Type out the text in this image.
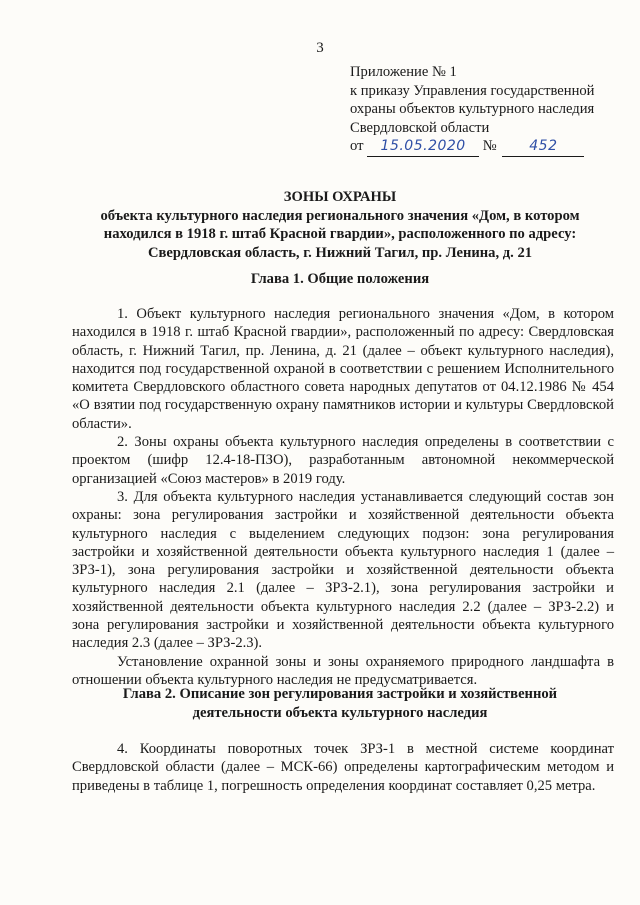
3
Приложение № 1
к приказу Управления государственной
охраны объектов культурного наследия
Свердловской области
от 15.05.2020 № 452
ЗОНЫ ОХРАНЫ
объекта культурного наследия регионального значения «Дом, в котором
находился в 1918 г. штаб Красной гвардии», расположенного по адресу:
Свердловская область, г. Нижний Тагил, пр. Ленина, д. 21
Глава 1. Общие положения

1. Объект культурного наследия регионального значения «Дом, в котором находился в 1918 г. штаб Красной гвардии», расположенный по адресу: Свердловская область, г. Нижний Тагил, пр. Ленина, д. 21 (далее – объект культурного наследия), находится под государственной охраной в соответствии с решением Исполнительного комитета Свердловского областного совета народных депутатов от 04.12.1986 № 454 «О взятии под государственную охрану памятников истории и культуры Свердловской области».

2. Зоны охраны объекта культурного наследия определены в соответствии с проектом (шифр 12.4-18-ПЗО), разработанным автономной некоммерческой организацией «Союз мастеров» в 2019 году.

3. Для объекта культурного наследия устанавливается следующий состав зон охраны: зона регулирования застройки и хозяйственной деятельности объекта культурного наследия с выделением следующих подзон: зона регулирования застройки и хозяйственной деятельности объекта культурного наследия 1 (далее – ЗРЗ-1), зона регулирования застройки и хозяйственной деятельности объекта культурного наследия 2.1 (далее – ЗРЗ-2.1), зона регулирования застройки и хозяйственной деятельности объекта культурного наследия 2.2 (далее – ЗРЗ-2.2) и зона регулирования застройки и хозяйственной деятельности объекта культурного наследия 2.3 (далее – ЗРЗ-2.3).

Установление охранной зоны и зоны охраняемого природного ландшафта в отношении объекта культурного наследия не предусматривается.

Глава 2. Описание зон регулирования застройки и хозяйственной
деятельности объекта культурного наследия

4. Координаты поворотных точек ЗРЗ-1 в местной системе координат Свердловской области (далее – МСК-66) определены картографическим методом и приведены в таблице 1, погрешность определения координат составляет 0,25 метра.
